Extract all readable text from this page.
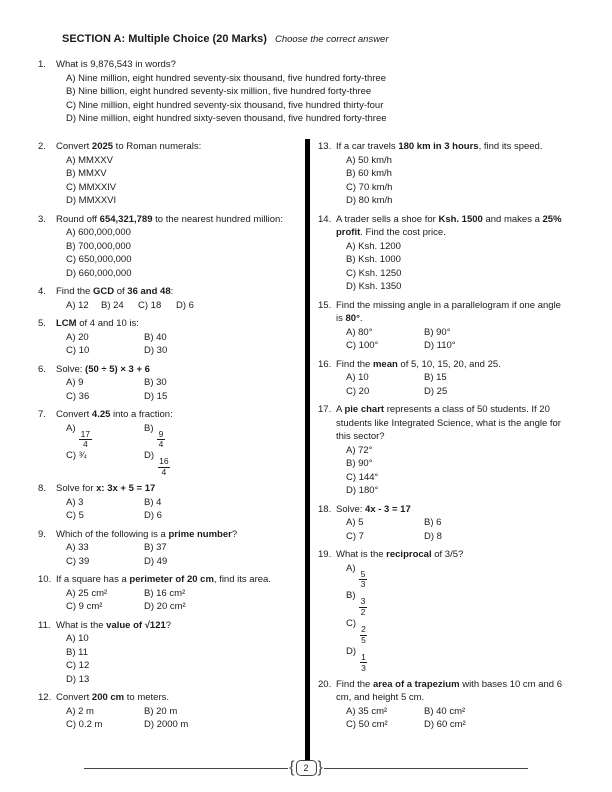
SECTION A: Multiple Choice (20 Marks) Choose the correct answer
1.	What is 9,876,543 in words?
A) Nine million, eight hundred seventy-six thousand, five hundred forty-three
B) Nine billion, eight hundred seventy-six million, five hundred forty-three
C) Nine million, eight hundred seventy-six thousand, five hundred thirty-four
D) Nine million, eight hundred sixty-seven thousand, five hundred forty-three
2.	Convert 2025 to Roman numerals:
A) MMXXV
B) MMXV
C) MMXXIV
D) MMXXVI
3.	Round off 654,321,789 to the nearest hundred million:
A) 600,000,000
B) 700,000,000
C) 650,000,000
D) 660,000,000
4.	Find the GCD of 36 and 48:
A) 12	B) 24	C) 18	D) 6
5.	LCM of 4 and 10 is:
A) 20	B) 40
C) 10	D) 30
6.	Solve: (50 ÷ 5) × 3 + 6
A) 9	B) 30
C) 36	D) 15
7.	Convert 4.25 into a fraction:
A)
$\frac{17}{4}$
B)
$\frac{9}{4}$
C) ¾	D)
$\frac{16}{4}$
8.	Solve for x: 3x + 5 = 17
A) 3	B) 4
C) 5	D) 6
9.	Which of the following is a prime number?
A) 33	B) 37
C) 39	D) 49
10. If a square has a perimeter of 20 cm, find its area.
A) 25 cm²	B) 16 cm²
C) 9 cm²	D) 20 cm²
11. What is the value of √121?
A) 10
B) 11
C) 12
D) 13
12. Convert 200 cm to meters.
A) 2 m	B) 20 m
C) 0.2 m	D) 2000 m
13. If a car travels 180 km in 3 hours, find its speed.
A) 50 km/h
B) 60 km/h
C) 70 km/h
D) 80 km/h
14. A trader sells a shoe for Ksh. 1500 and makes a 25% profit. Find the cost price.
A) Ksh. 1200
B) Ksh. 1000
C) Ksh. 1250
D) Ksh. 1350
15. Find the missing angle in a parallelogram if one angle is 80°.
A) 80°	B) 90°
C) 100°	D) 110°
16. Find the mean of 5, 10, 15, 20, and 25.
A) 10	B) 15
C) 20	D) 25
17. A pie chart represents a class of 50 students. If 20 students like Integrated Science, what is the angle for this sector?
A) 72°
B) 90°
C) 144°
D) 180°
18. Solve: 4x - 3 = 17
A) 5	B) 6
C) 7	D) 8
19. What is the reciprocal of 3/5?
A)
$\frac{5}{3}$
B)
$\frac{3}{2}$
C)
$\frac{2}{5}$
D)
$\frac{1}{3}$
20. Find the area of a trapezium with bases 10 cm and 6 cm, and height 5 cm.
A) 35 cm²	B) 40 cm²
C) 50 cm²	D) 60 cm²
{	2 }
